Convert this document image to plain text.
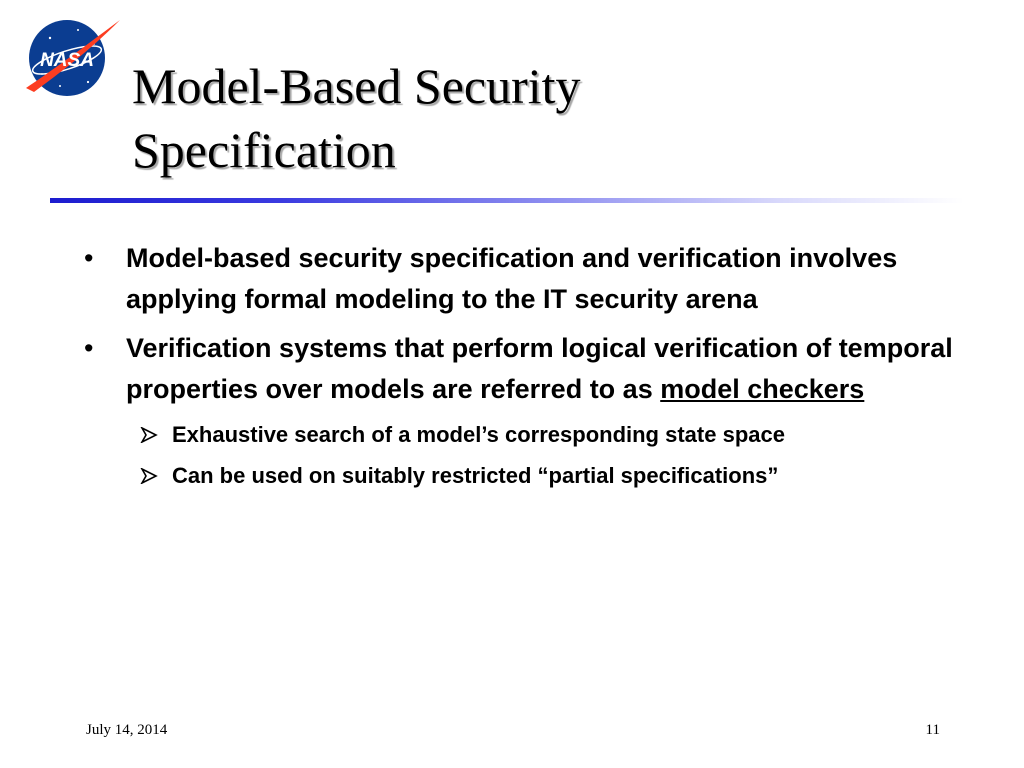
NASA Model-Based Security
Specification
•	Model-based security specification and verification involves applying formal modeling to the IT security arena
•	Verification systems that perform logical verification of temporal properties over models are referred to as model checkers
Exhaustive search of a model’s corresponding state space
Can be used on suitably restricted “partial specifications”
July 14, 2014	11
